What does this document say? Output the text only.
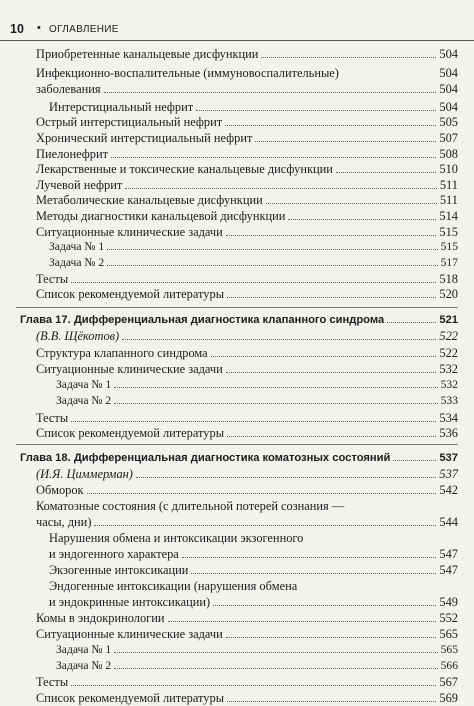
10 • ОГЛАВЛЕНИЕ
Приобретенные канальцевые дисфункции	504
Инфекционно-воспалительные (иммуновоспалительные)	504
заболевания	504
Интерстициальный нефрит	504
Острый интерстициальный нефрит	505
Хронический интерстициальный нефрит	507
Пиелонефрит	508
Лекарственные и токсические канальцевые дисфункции	510
Лучевой нефрит	511
Метаболические канальцевые дисфункции	511
Методы диагностики канальцевой дисфункции	514
Ситуационные клинические задачи	515
Задача № 1	515
Задача № 2	517
Тесты	518
Список рекомендуемой литературы	520
Глава 17. Дифференциальная диагностика клапанного синдрома	521
(В.В. Щёкотов)	522
Структура клапанного синдрома	522
Ситуационные клинические задачи	532
Задача № 1	532
Задача № 2	533
Тесты	534
Список рекомендуемой литературы	536
Глава 18. Дифференциальная диагностика коматозных состояний	537
(И.Я. Циммерман)	537
Обморок	542
Коматозные состояния (с длительной потерей сознания —
часы, дни)	544
Нарушения обмена и интоксикации экзогенного
и эндогенного характера	547
Экзогенные интоксикации	547
Эндогенные интоксикации (нарушения обмена
и эндокринные интоксикации)	549
Комы в эндокринологии	552
Ситуационные клинические задачи	565
Задача № 1	565
Задача № 2	566
Тесты	567
Список рекомендуемой литературы	569
